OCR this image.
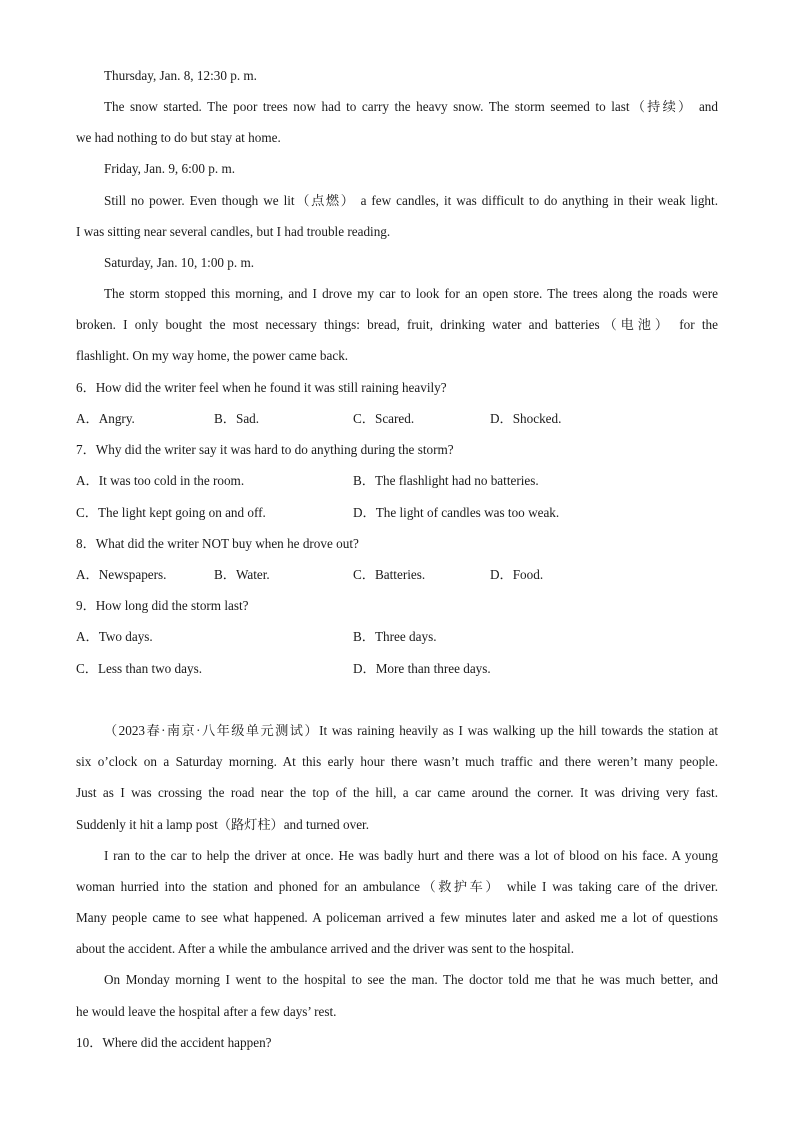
Thursday, Jan. 8, 12:30 p. m.
The snow started. The poor trees now had to carry the heavy snow. The storm seemed to last（持续） and
we had nothing to do but stay at home.
Friday, Jan. 9, 6:00 p. m.
Still no power. Even though we lit（点燃） a few candles, it was difficult to do anything in their weak light.
I was sitting near several candles, but I had trouble reading.
Saturday, Jan. 10, 1:00 p. m.
The storm stopped this morning, and I drove my car to look for an open store. The trees along the roads were
broken. I only bought the most necessary things: bread, fruit, drinking water and batteries（电池） for the
flashlight. On my way home, the power came back.
6．How did the writer feel when he found it was still raining heavily?
A．Angry.	B．Sad.	C．Scared.	D．Shocked.
7．Why did the writer say it was hard to do anything during the storm?
A．It was too cold in the room.	B．The flashlight had no batteries.
C．The light kept going on and off.	D．The light of candles was too weak.
8．What did the writer NOT buy when he drove out?
A．Newspapers.	B．Water.	C．Batteries.	D．Food.
9．How long did the storm last?
A．Two days.	B．Three days.
C．Less than two days.	D．More than three days.
（2023春·南京·八年级单元测试）It was raining heavily as I was walking up the hill towards the station at
six o’clock on a Saturday morning. At this early hour there wasn’t much traffic and there weren’t many people.
Just as I was crossing the road near the top of the hill, a car came around the corner. It was driving very fast.
Suddenly it hit a lamp post（路灯柱）and turned over.
I ran to the car to help the driver at once. He was badly hurt and there was a lot of blood on his face. A young
woman hurried into the station and phoned for an ambulance（救护车） while I was taking care of the driver.
Many people came to see what happened. A policeman arrived a few minutes later and asked me a lot of questions
about the accident. After a while the ambulance arrived and the driver was sent to the hospital.
On Monday morning I went to the hospital to see the man. The doctor told me that he was much better, and
he would leave the hospital after a few days’ rest.
10．Where did the accident happen?
